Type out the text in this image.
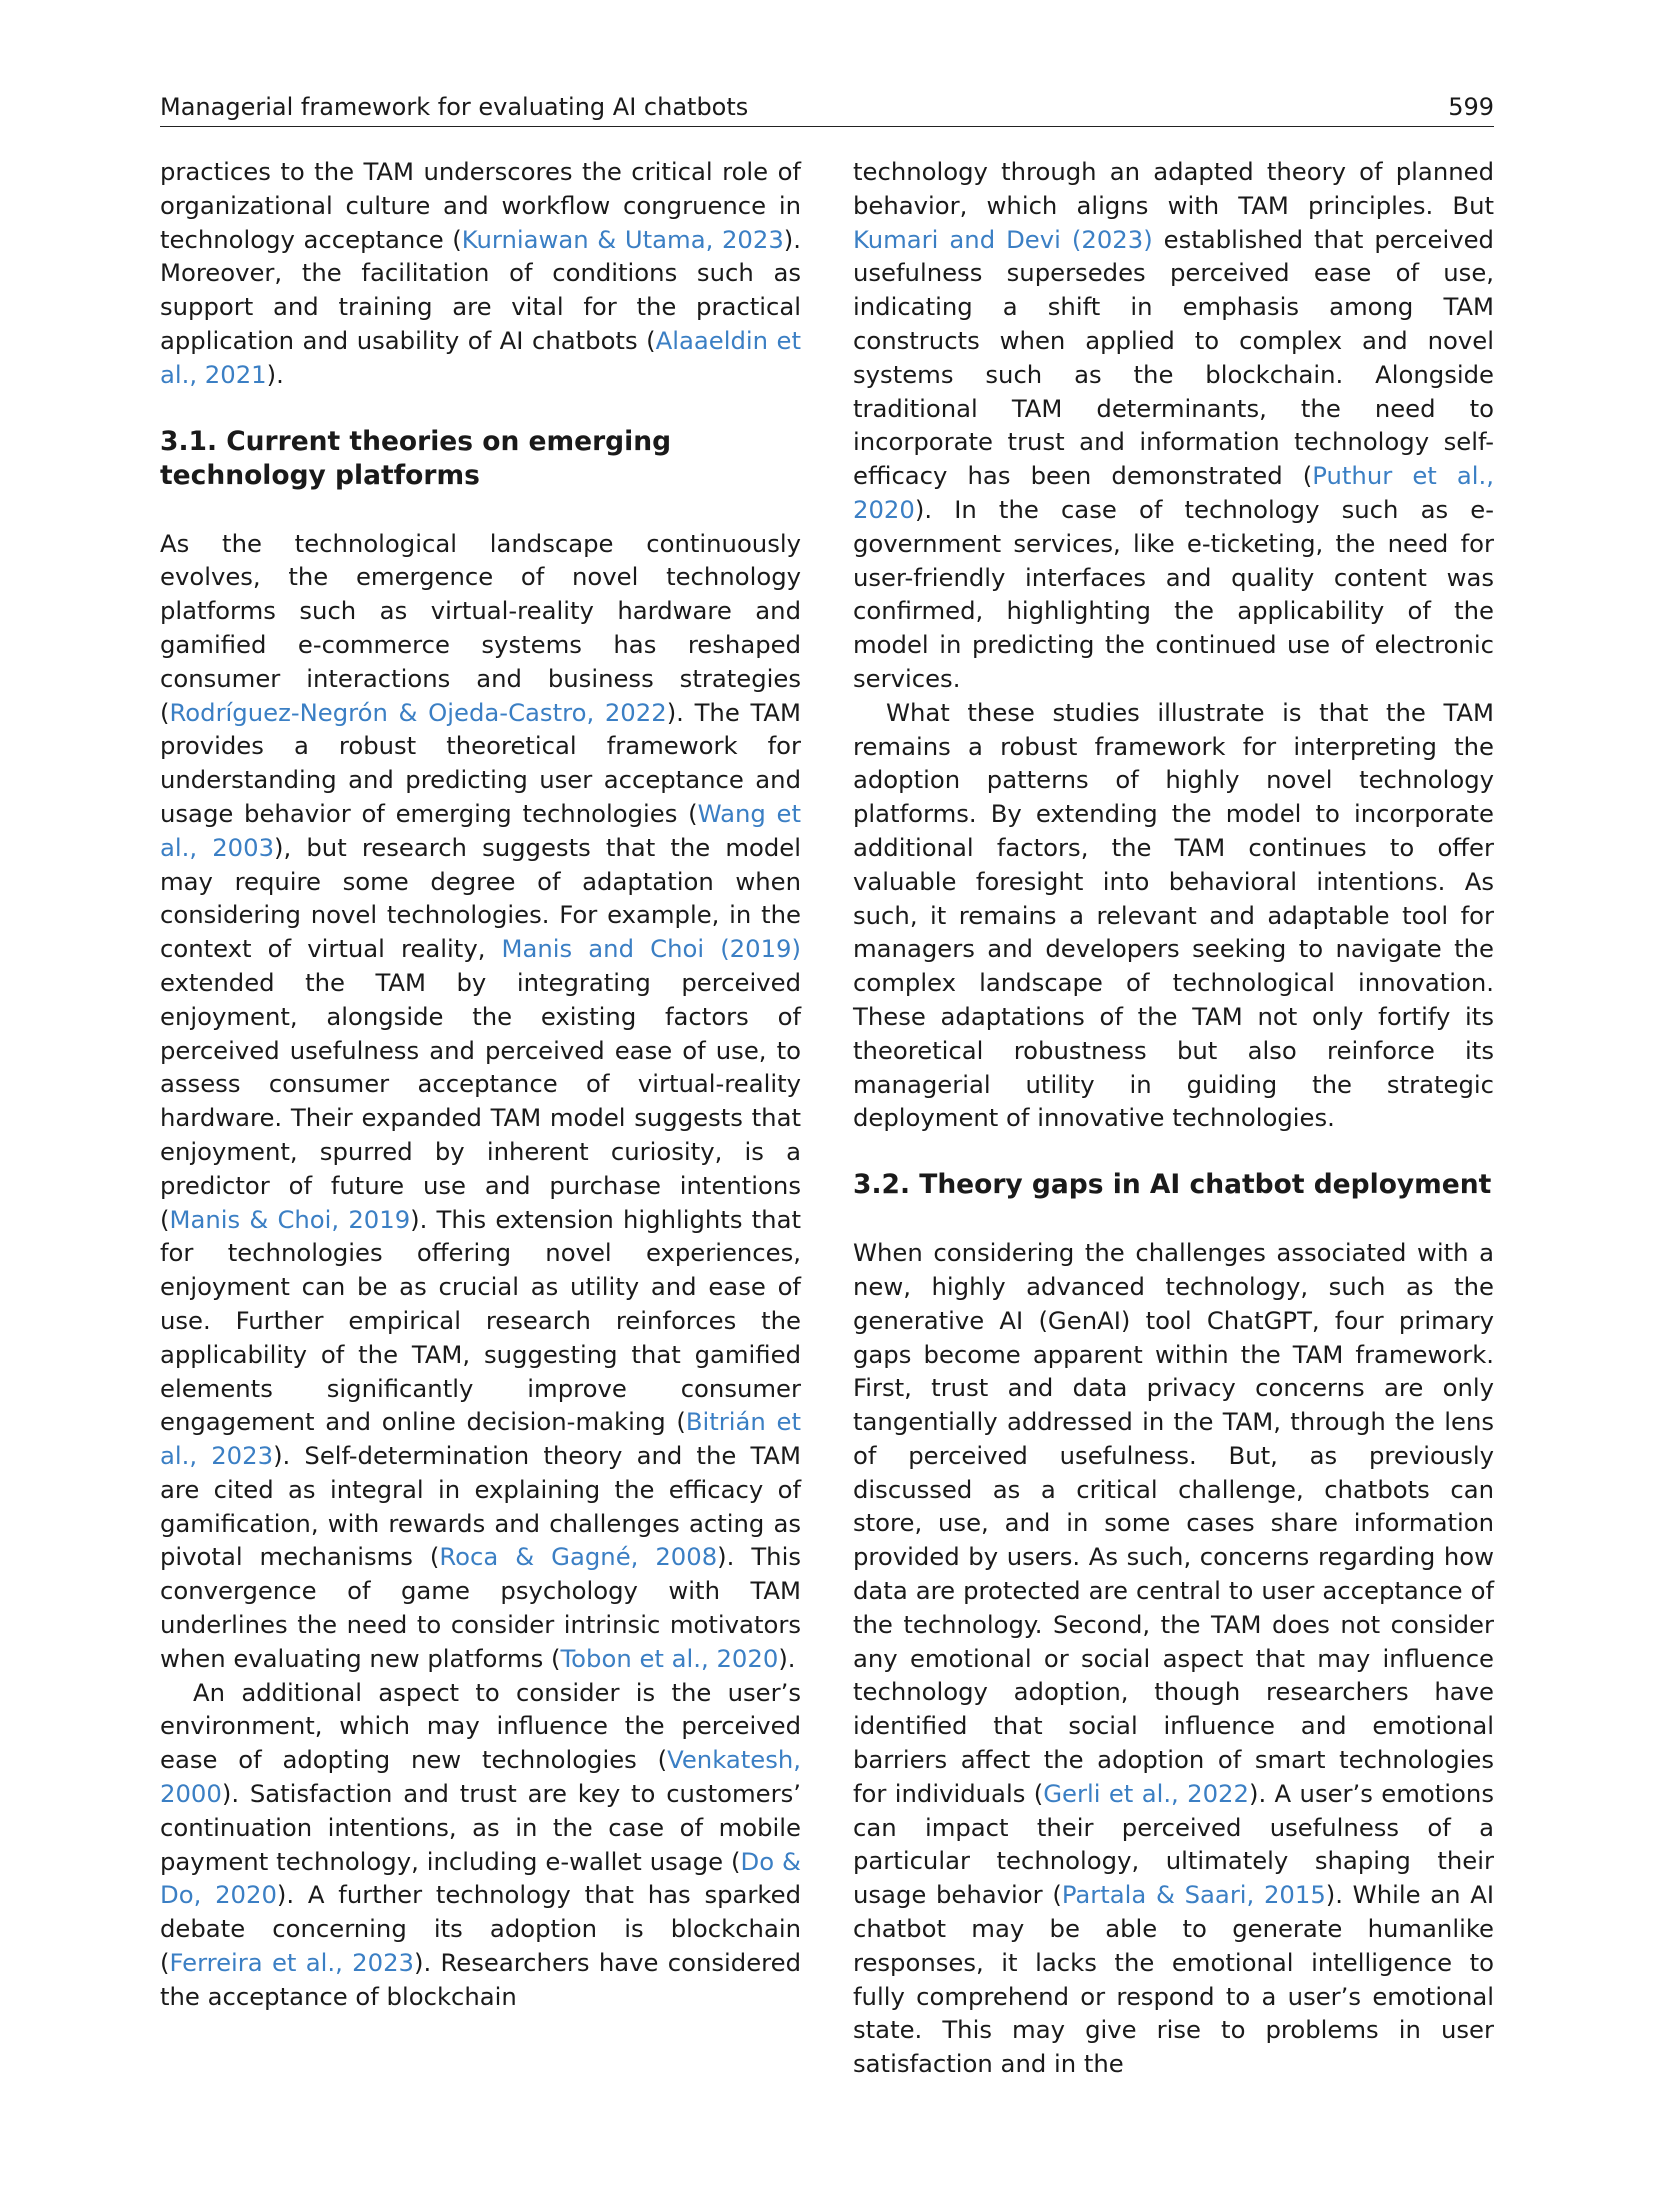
Managerial framework for evaluating AI chatbots	599

practices to the TAM underscores the critical role of organizational culture and workflow congruence in technology acceptance (Kurniawan & Utama, 2023). Moreover, the facilitation of conditions such as support and training are vital for the practical application and usability of AI chatbots (Alaaeldin et al., 2021).

3.1. Current theories on emerging technology platforms

As the technological landscape continuously evolves, the emergence of novel technology platforms such as virtual-reality hardware and gamified e-commerce systems has reshaped consumer interactions and business strategies (Rodríguez-Negrón & Ojeda-Castro, 2022). The TAM provides a robust theoretical framework for understanding and predicting user acceptance and usage behavior of emerging technologies (Wang et al., 2003), but research suggests that the model may require some degree of adaptation when considering novel technologies. For example, in the context of virtual reality, Manis and Choi (2019) extended the TAM by integrating perceived enjoyment, alongside the existing factors of perceived usefulness and perceived ease of use, to assess consumer acceptance of virtual-reality hardware. Their expanded TAM model suggests that enjoyment, spurred by inherent curiosity, is a predictor of future use and purchase intentions (Manis & Choi, 2019). This extension highlights that for technologies offering novel experiences, enjoyment can be as crucial as utility and ease of use. Further empirical research reinforces the applicability of the TAM, suggesting that gamified elements significantly improve consumer engagement and online decision-making (Bitrián et al., 2023). Self-determination theory and the TAM are cited as integral in explaining the efficacy of gamification, with rewards and challenges acting as pivotal mechanisms (Roca & Gagné, 2008). This convergence of game psychology with TAM underlines the need to consider intrinsic motivators when evaluating new platforms (Tobon et al., 2020).

An additional aspect to consider is the user’s environment, which may influence the perceived ease of adopting new technologies (Venkatesh, 2000). Satisfaction and trust are key to customers’ continuation intentions, as in the case of mobile payment technology, including e-wallet usage (Do & Do, 2020). A further technology that has sparked debate concerning its adoption is blockchain (Ferreira et al., 2023). Researchers have considered the acceptance of blockchain

technology through an adapted theory of planned behavior, which aligns with TAM principles. But Kumari and Devi (2023) established that perceived usefulness supersedes perceived ease of use, indicating a shift in emphasis among TAM constructs when applied to complex and novel systems such as the blockchain. Alongside traditional TAM determinants, the need to incorporate trust and information technology self-efficacy has been demonstrated (Puthur et al., 2020). In the case of technology such as e-government services, like e-ticketing, the need for user-friendly interfaces and quality content was confirmed, highlighting the applicability of the model in predicting the continued use of electronic services.

What these studies illustrate is that the TAM remains a robust framework for interpreting the adoption patterns of highly novel technology platforms. By extending the model to incorporate additional factors, the TAM continues to offer valuable foresight into behavioral intentions. As such, it remains a relevant and adaptable tool for managers and developers seeking to navigate the complex landscape of technological innovation. These adaptations of the TAM not only fortify its theoretical robustness but also reinforce its managerial utility in guiding the strategic deployment of innovative technologies.

3.2. Theory gaps in AI chatbot deployment

When considering the challenges associated with a new, highly advanced technology, such as the generative AI (GenAI) tool ChatGPT, four primary gaps become apparent within the TAM framework. First, trust and data privacy concerns are only tangentially addressed in the TAM, through the lens of perceived usefulness. But, as previously discussed as a critical challenge, chatbots can store, use, and in some cases share information provided by users. As such, concerns regarding how data are protected are central to user acceptance of the technology. Second, the TAM does not consider any emotional or social aspect that may influence technology adoption, though researchers have identified that social influence and emotional barriers affect the adoption of smart technologies for individuals (Gerli et al., 2022). A user’s emotions can impact their perceived usefulness of a particular technology, ultimately shaping their usage behavior (Partala & Saari, 2015). While an AI chatbot may be able to generate humanlike responses, it lacks the emotional intelligence to fully comprehend or respond to a user’s emotional state. This may give rise to problems in user satisfaction and in the
